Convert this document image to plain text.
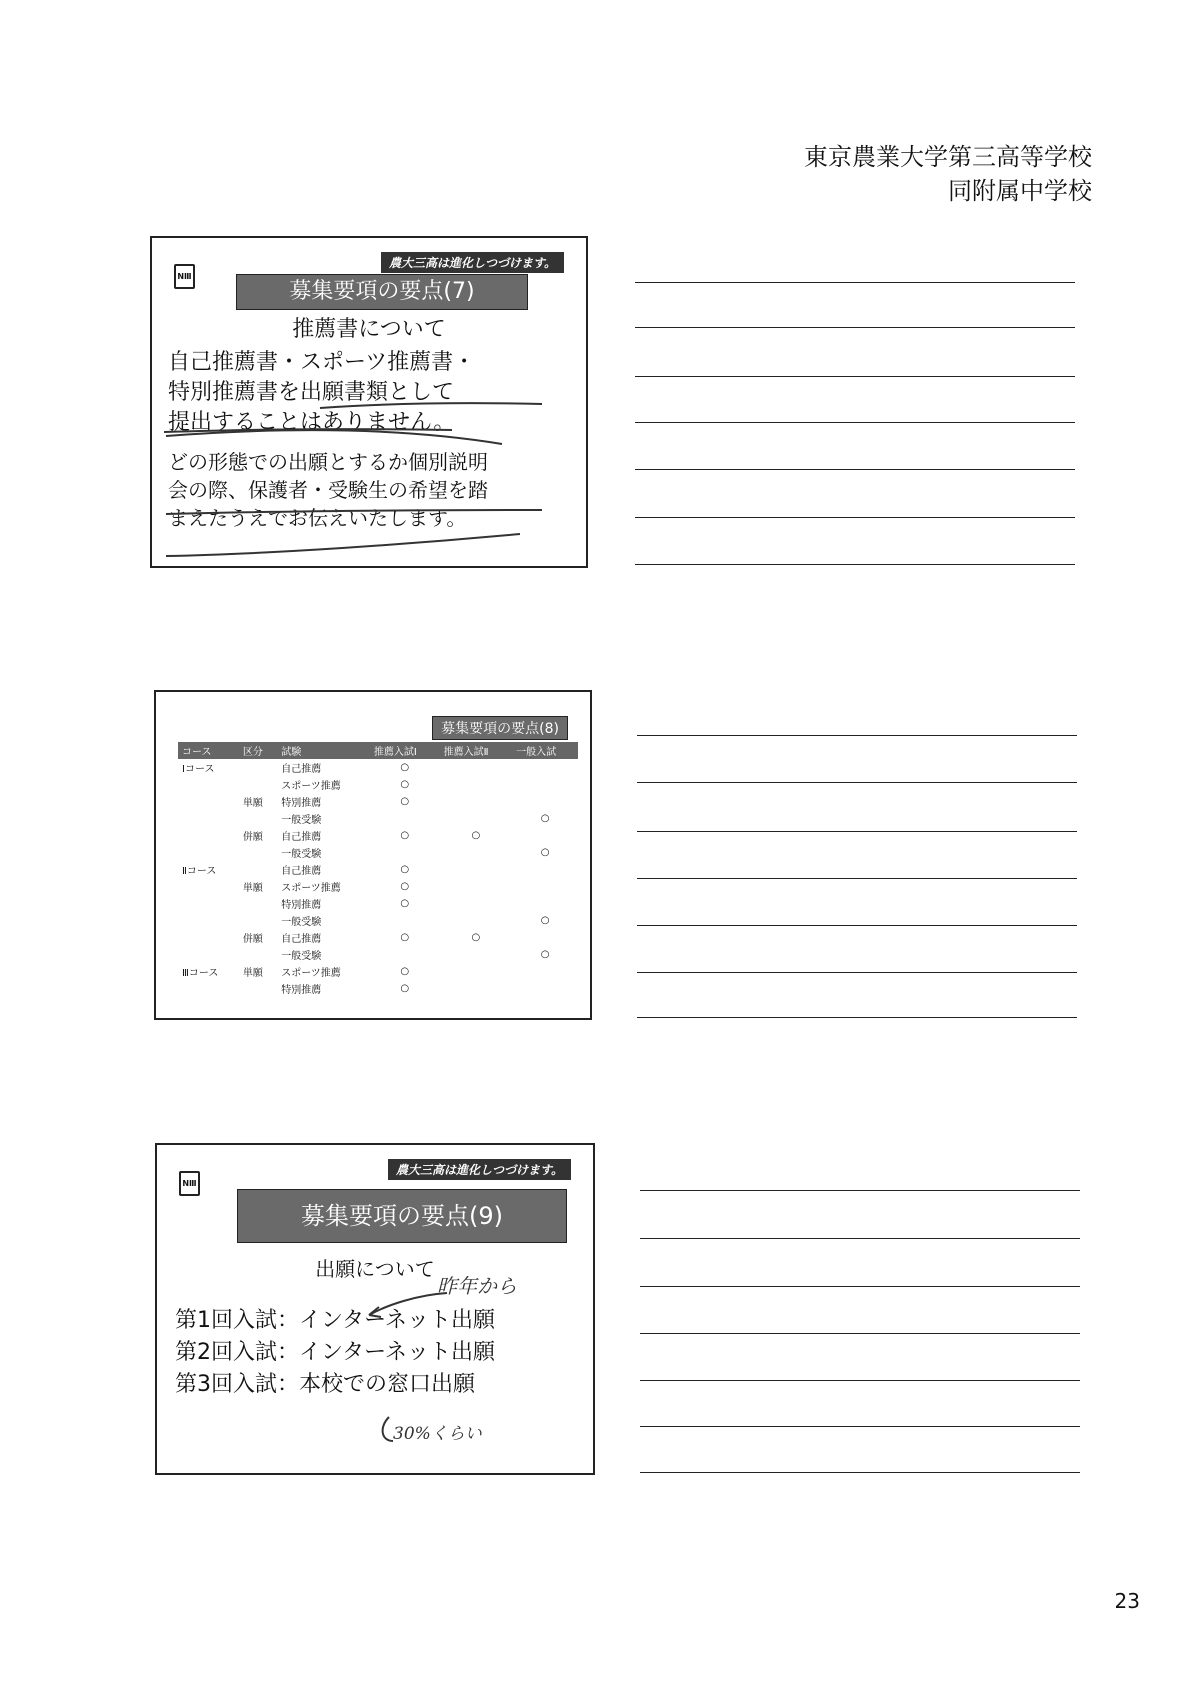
東京農業大学第三高等学校
同附属中学校
NⅢ
農大三高は進化しつづけます。
募集要項の要点(7)
推薦書について
自己推薦書・スポーツ推薦書・
特別推薦書を出願書類として
提出することはありません。
どの形態での出願とするか個別説明
会の際、保護者・受験生の希望を踏
まえたうえでお伝えいたします。
募集要項の要点(8)
コース	区分	試験	推薦入試Ⅰ	推薦入試Ⅱ	一般入試
Ⅰコース		自己推薦	○		
		スポーツ推薦	○		
	単願	特別推薦	○		
		一般受験			○
	併願	自己推薦	○	○	
		一般受験			○
Ⅱコース		自己推薦	○		
	単願	スポーツ推薦	○		
		特別推薦	○		
		一般受験			○
	併願	自己推薦	○	○	
		一般受験			○
Ⅲコース	単願	スポーツ推薦	○		
		特別推薦	○		
NⅢ
農大三高は進化しつづけます。
募集要項の要点(9)
出願について
第1回入試：インターネット出願
第2回入試：インターネット出願
第3回入試：本校での窓口出願
昨年から
30%くらい
23
